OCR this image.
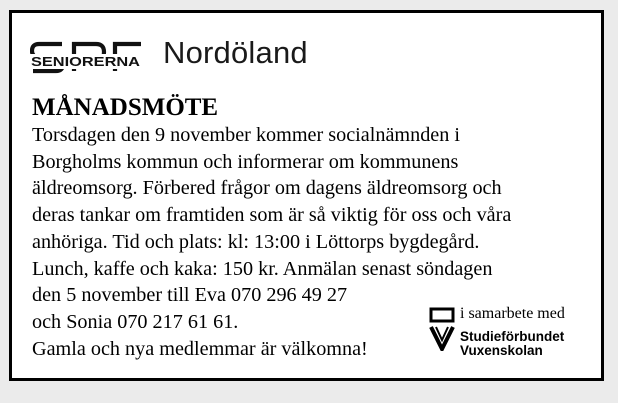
SENIORERNA Nordöland
MÅNADSMÖTE
Torsdagen den 9 november kommer socialnämnden i
Borgholms kommun och informerar om kommunens
äldreomsorg. Förbered frågor om dagens äldreomsorg och
deras tankar om framtiden som är så viktig för oss och våra
anhöriga. Tid och plats: kl: 13:00 i Löttorps bygdegård.
Lunch, kaffe och kaka: 150 kr. Anmälan senast söndagen
den 5 november till Eva 070 296 49 27
och Sonia 070 217 61 61.
Gamla och nya medlemmar är välkomna!
i samarbete med
Studieförbundet
Vuxenskolan
